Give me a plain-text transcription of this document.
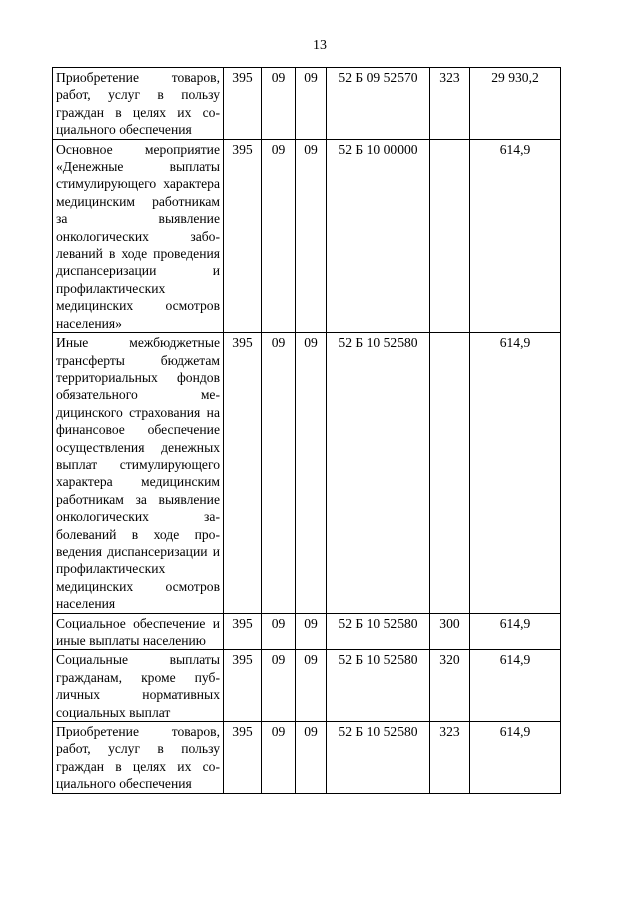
13
Приобретение товаров, работ, услуг в пользу граждан в целях их социального обеспечения	395	09	09	52 Б 09 52570	323	29 930,2
Основное мероприятие «Денежные выплаты стимулирующего характера медицинским работникам за выявление онкологических заболеваний в ходе проведения диспансеризации и профилактических медицинских осмотров населения»	395	09	09	52 Б 10 00000		614,9
Иные межбюджетные трансферты бюджетам территориальных фондов обязательного медицинского страхования на финансовое обеспечение осуществления денежных выплат стимулирующего характера медицинским работникам за выявление онкологических заболеваний в ходе проведения диспансеризации и профилактических медицинских осмотров населения	395	09	09	52 Б 10 52580		614,9
Социальное обеспечение и иные выплаты населению	395	09	09	52 Б 10 52580	300	614,9
Социальные выплаты гражданам, кроме публичных нормативных социальных выплат	395	09	09	52 Б 10 52580	320	614,9
Приобретение товаров, работ, услуг в пользу граждан в целях их социального обеспечения	395	09	09	52 Б 10 52580	323	614,9
